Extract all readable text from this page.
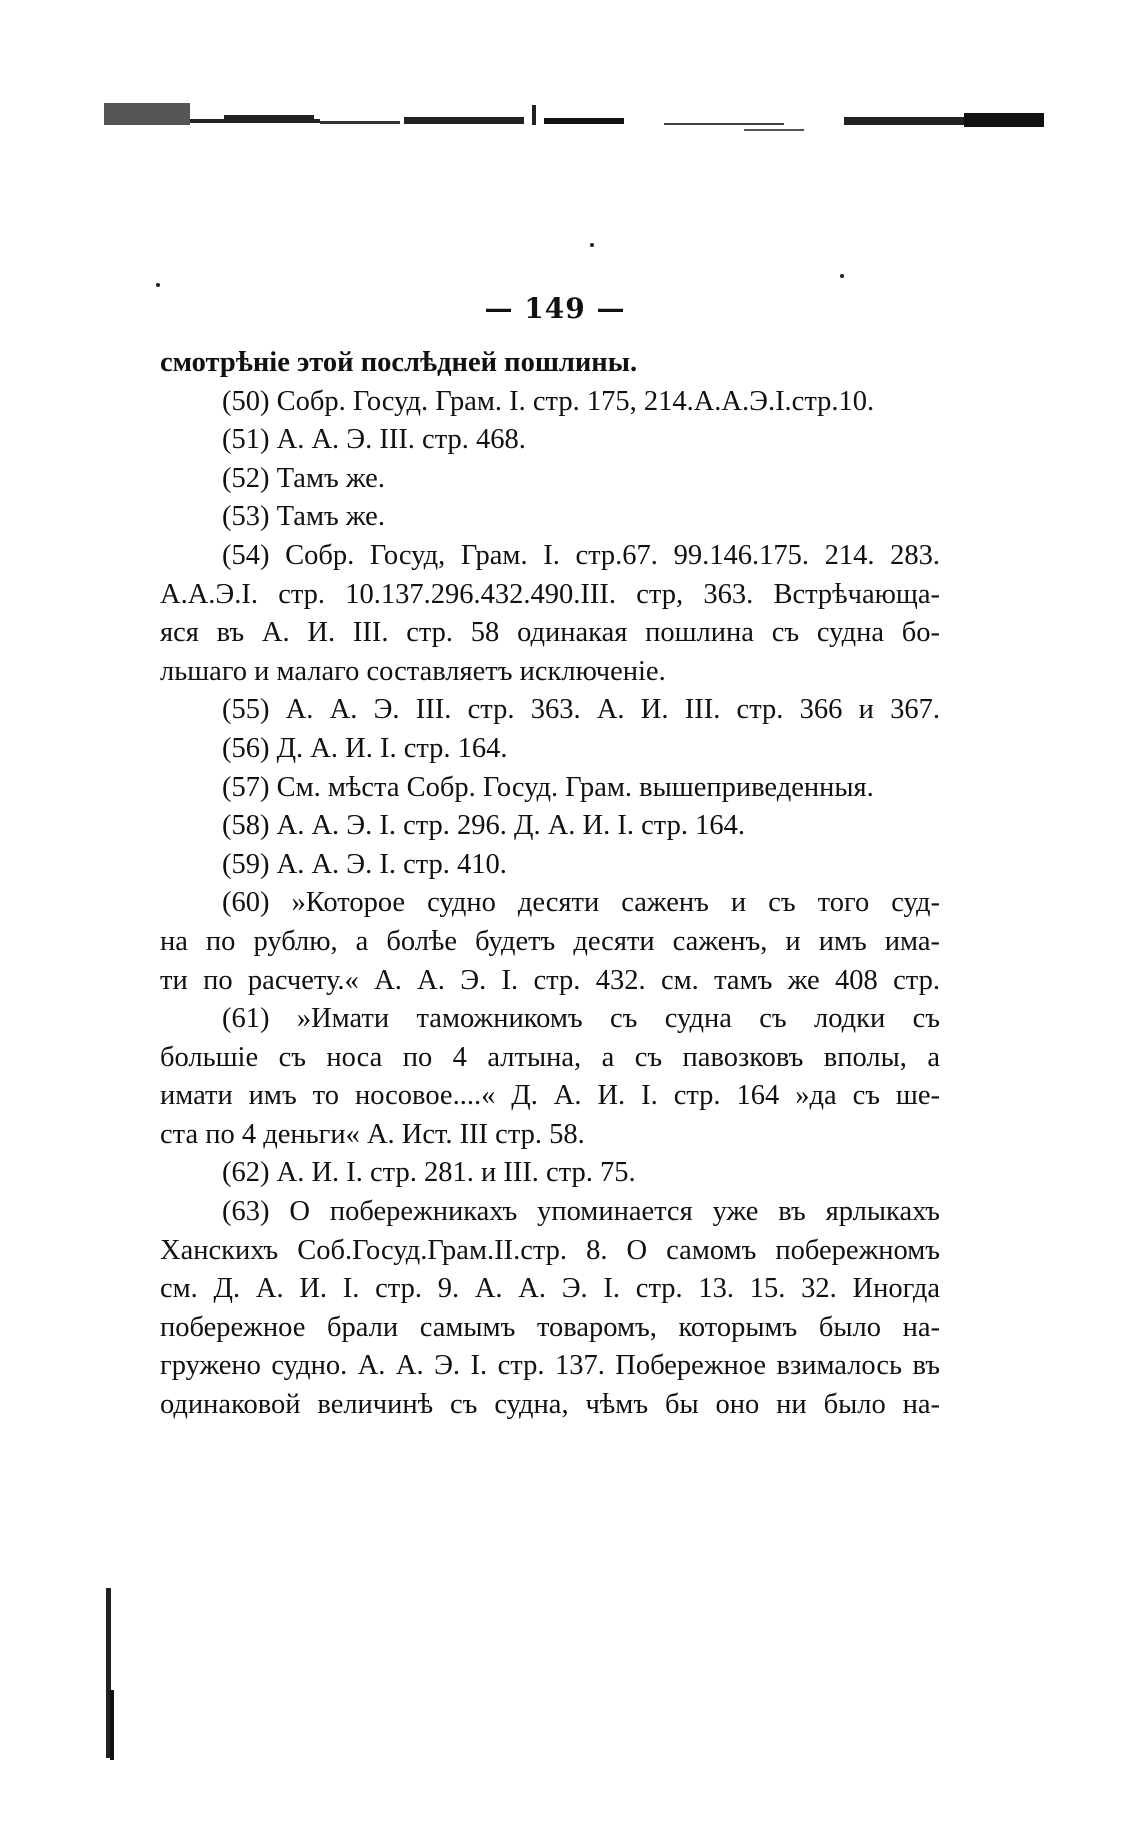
— 149 —
смотрѣніе этой послѣдней пошлины.
(50) Собр. Госуд. Грам. I. стр. 175, 214.А.А.Э.I.стр.10.
(51) А. А. Э. III. стр. 468.
(52) Тамъ же.
(53) Тамъ же.
(54) Собр. Госуд, Грам. I. стр.67. 99.146.175. 214. 283.
А.А.Э.I. стр. 10.137.296.432.490.III. стр, 363. Встрѣчающа-
яся въ А. И. III. стр. 58 одинакая пошлина съ судна бо-
льшаго и малаго составляетъ исключеніе.
(55) А. А. Э. III. стр. 363. А. И. III. стр. 366 и 367.
(56) Д. А. И. I. стр. 164.
(57) См. мѣста Собр. Госуд. Грам. вышеприведенныя.
(58) А. А. Э. I. стр. 296. Д. А. И. I. стр. 164.
(59) А. А. Э. I. стр. 410.
(60) »Которое судно десяти саженъ и съ того суд-
на по рублю, а болѣе будетъ десяти саженъ, и имъ има-
ти по расчету.« А. А. Э. I. стр. 432. см. тамъ же 408 стр.
(61) »Имати таможникомъ съ судна съ лодки съ
большіе съ носа по 4 алтына, а съ павозковъ вполы, а
имати имъ то носовое....« Д. А. И. I. стр. 164 »да съ ше-
ста по 4 деньги« А. Ист. III стр. 58.
(62) А. И. I. стр. 281. и III. стр. 75.
(63) О побережникахъ упоминается уже въ ярлыкахъ
Ханскихъ Соб.Госуд.Грам.II.стр. 8. О самомъ побережномъ
см. Д. А. И. I. стр. 9. А. А. Э. I. стр. 13. 15. 32. Иногда
побережное брали самымъ товаромъ, которымъ было на-
гружено судно. А. А. Э. I. стр. 137. Побережное взималось въ
одинаковой величинѣ съ судна, чѣмъ бы оно ни было на-
